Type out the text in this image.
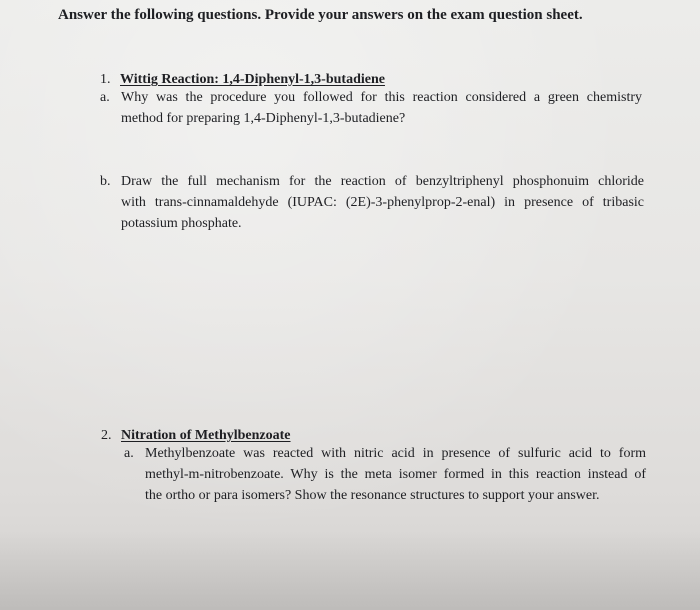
Answer the following questions. Provide your answers on the exam question sheet.
1. Wittig Reaction: 1,4-Diphenyl-1,3-butadiene
a. Why was the procedure you followed for this reaction considered a green chemistry
method for preparing 1,4-Diphenyl-1,3-butadiene?
b. Draw the full mechanism for the reaction of benzyltriphenyl phosphonuim chloride
with trans-cinnamaldehyde (IUPAC: (2E)-3-phenylprop-2-enal) in presence of tribasic
potassium phosphate.
2. Nitration of Methylbenzoate
a. Methylbenzoate was reacted with nitric acid in presence of sulfuric acid to form
methyl-m-nitrobenzoate. Why is the meta isomer formed in this reaction instead of
the ortho or para isomers? Show the resonance structures to support your answer.
